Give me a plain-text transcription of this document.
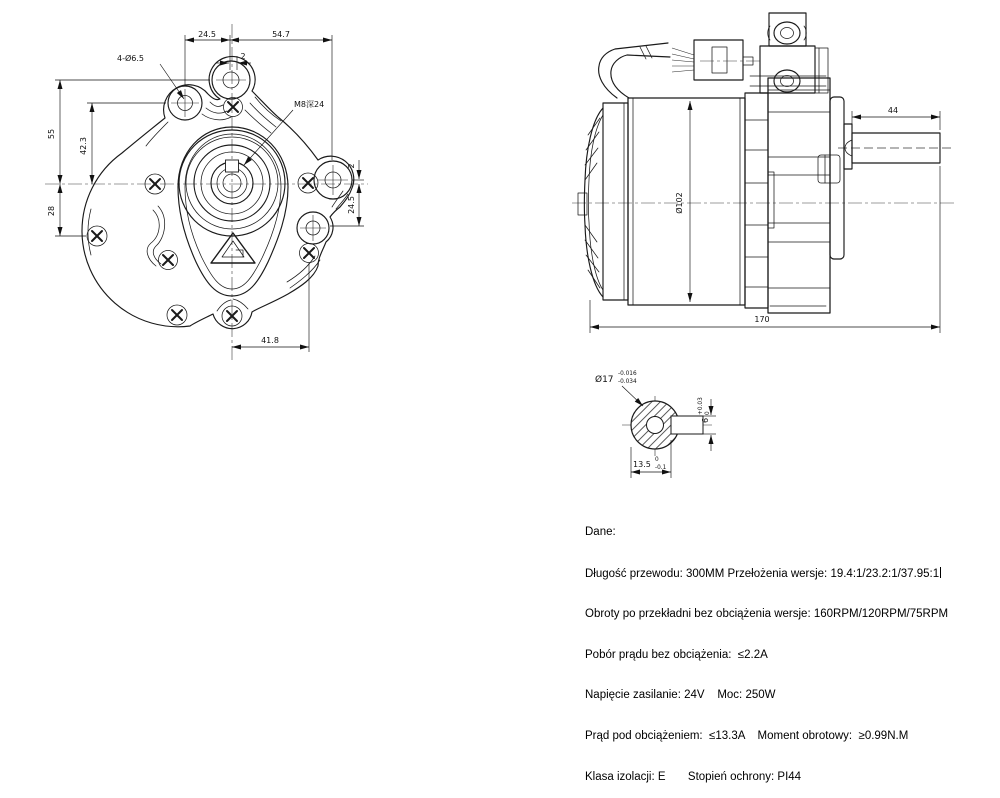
24.5	54.7
2
4-Ø6.5
M8深24
55
42.3
28
2
24.5
41.8
44
Ø102
170
Ø17
-0.016
-0.034
6
+0.03 0
13.5 0
-0.1

Dane:

Długość przewodu: 300MM Przełożenia wersje: 19.4:1/23.2:1/37.95:1

Obroty po przekładni bez obciążenia wersje: 160RPM/120RPM/75RPM

Pobór prądu bez obciążenia:  ≤2.2A

Napięcie zasilanie: 24V    Moc: 250W

Prąd pod obciążeniem:  ≤13.3A    Moment obrotowy:  ≥0.99N.M

Klasa izolacji: E       Stopień ochrony: PI44
